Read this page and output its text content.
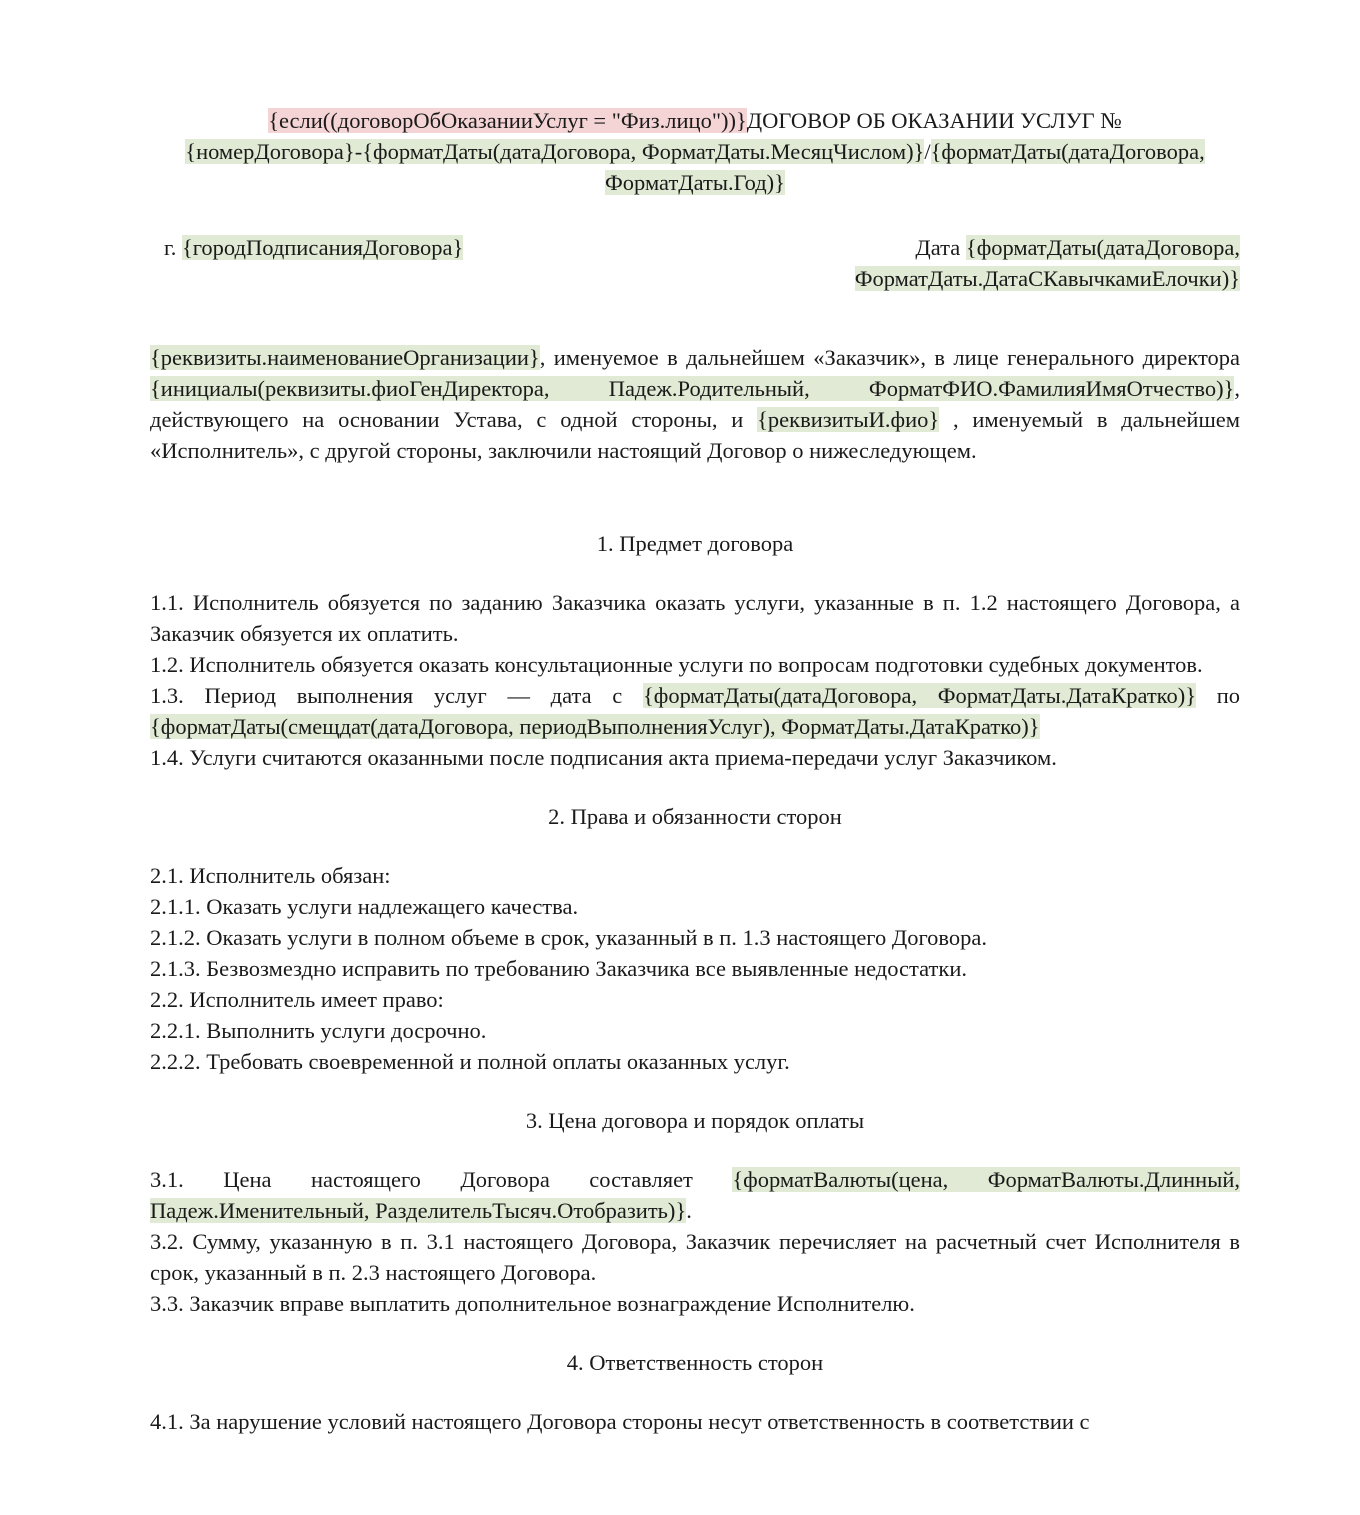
{если((договорОбОказанииУслуг = "Физ.лицо"))}ДОГОВОР ОБ ОКАЗАНИИ УСЛУГ №
{номерДоговора}-{форматДаты(датаДоговора, ФорматДаты.МесяцЧислом)}/{форматДаты(датаДоговора, ФорматДаты.Год)}
г. {городПодписанияДоговора}	Дата {форматДаты(датаДоговора, ФорматДаты.ДатаСКавычкамиЕлочки)}

{реквизиты.наименованиеОрганизации}, именуемое в дальнейшем «Заказчик», в лице генерального директора {инициалы(реквизиты.фиоГенДиректора, Падеж.Родительный, ФорматФИО.ФамилияИмяОтчество)}, действующего на основании Устава, с одной стороны, и {реквизитыИ.фио} , именуемый в дальнейшем «Исполнитель», с другой стороны, заключили настоящий Договор о нижеследующем.

1. Предмет договора

1.1. Исполнитель обязуется по заданию Заказчика оказать услуги, указанные в п. 1.2 настоящего Договора, а Заказчик обязуется их оплатить.

1.2. Исполнитель обязуется оказать консультационные услуги по вопросам подготовки судебных документов.

1.3. Период выполнения услуг — дата с {форматДаты(датаДоговора, ФорматДаты.ДатаКратко)} по {форматДаты(смещдат(датаДоговора, периодВыполненияУслуг), ФорматДаты.ДатаКратко)}

1.4. Услуги считаются оказанными после подписания акта приема-передачи услуг Заказчиком.

2. Права и обязанности сторон

2.1. Исполнитель обязан:

2.1.1. Оказать услуги надлежащего качества.

2.1.2. Оказать услуги в полном объеме в срок, указанный в п. 1.3 настоящего Договора.

2.1.3. Безвозмездно исправить по требованию Заказчика все выявленные недостатки.

2.2. Исполнитель имеет право:

2.2.1. Выполнить услуги досрочно.

2.2.2. Требовать своевременной и полной оплаты оказанных услуг.

3. Цена договора и порядок оплаты

3.1. Цена настоящего Договора составляет {форматВалюты(цена, ФорматВалюты.Длинный, Падеж.Именительный, РазделительТысяч.Отобразить)}.

3.2. Сумму, указанную в п. 3.1 настоящего Договора, Заказчик перечисляет на расчетный счет Исполнителя в срок, указанный в п. 2.3 настоящего Договора.

3.3. Заказчик вправе выплатить дополнительное вознаграждение Исполнителю.

4. Ответственность сторон

4.1. За нарушение условий настоящего Договора стороны несут ответственность в соответствии с
